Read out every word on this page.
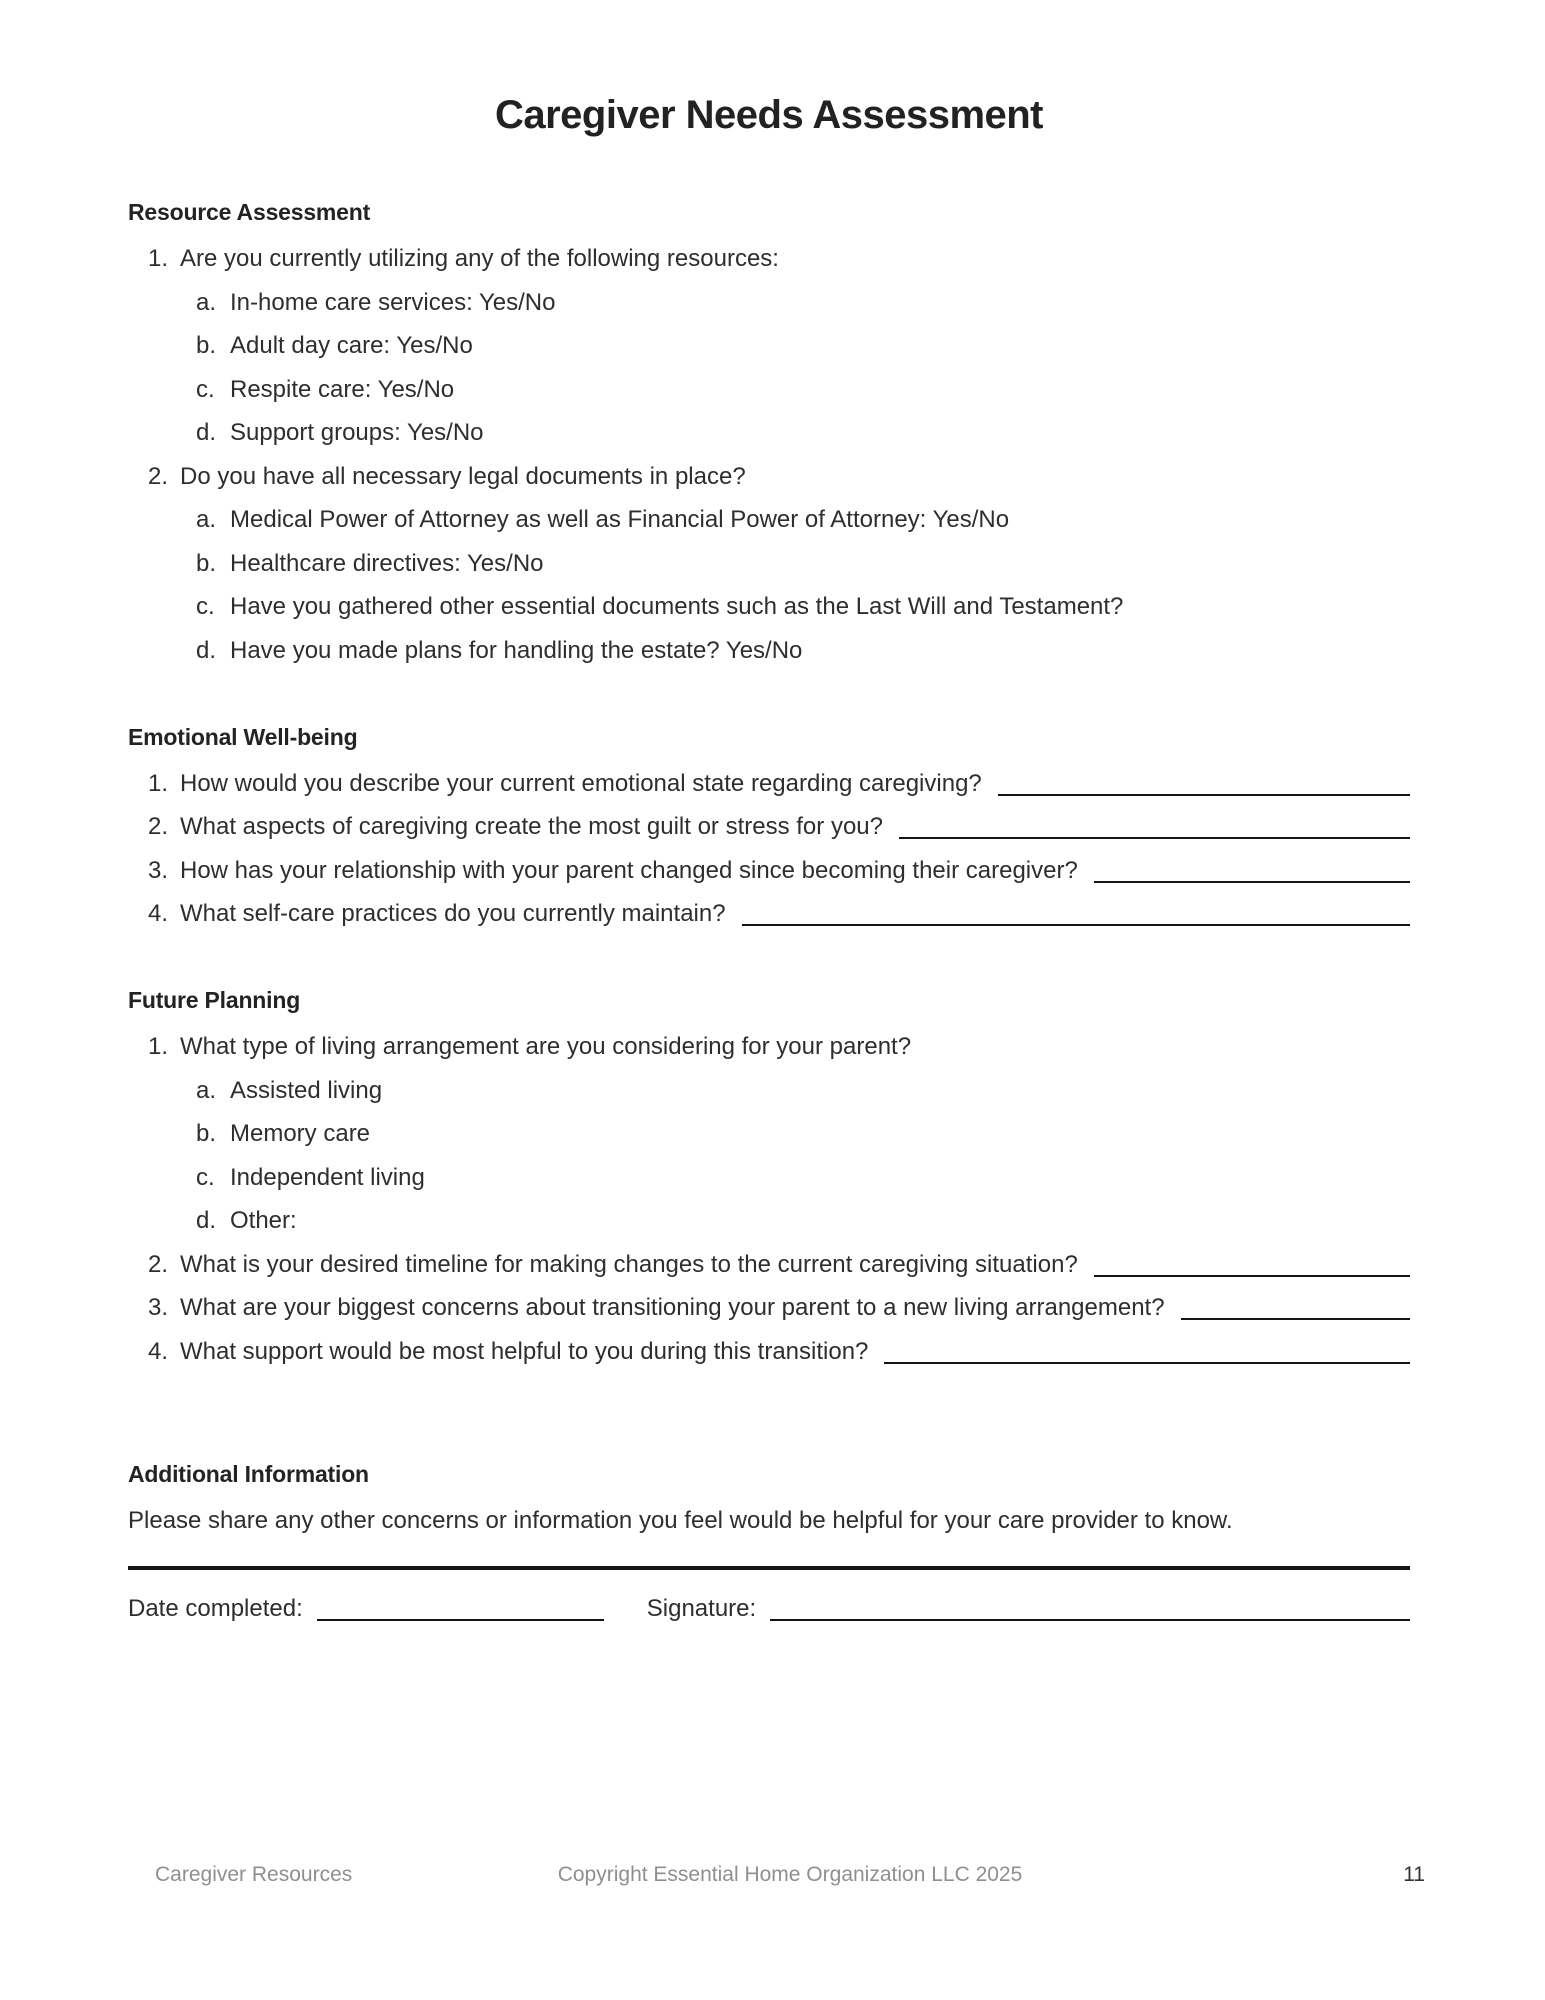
Caregiver Needs Assessment
Resource Assessment
1. Are you currently utilizing any of the following resources:
a. In-home care services: Yes/No
b. Adult day care: Yes/No
c. Respite care: Yes/No
d. Support groups: Yes/No
2. Do you have all necessary legal documents in place?
a. Medical Power of Attorney as well as Financial Power of Attorney: Yes/No
b. Healthcare directives: Yes/No
c. Have you gathered other essential documents such as the Last Will and Testament?
d. Have you made plans for handling the estate? Yes/No
Emotional Well-being
1. How would you describe your current emotional state regarding caregiving?
2. What aspects of caregiving create the most guilt or stress for you?
3. How has your relationship with your parent changed since becoming their caregiver?
4. What self-care practices do you currently maintain?
Future Planning
1. What type of living arrangement are you considering for your parent?
a. Assisted living
b. Memory care
c. Independent living
d. Other:
2. What is your desired timeline for making changes to the current caregiving situation?
3. What are your biggest concerns about transitioning your parent to a new living arrangement?
4. What support would be most helpful to you during this transition?
Additional Information

Please share any other concerns or information you feel would be helpful for your care provider to know.

Date completed:	Signature:
Caregiver Resources	Copyright Essential Home Organization LLC 2025	11
